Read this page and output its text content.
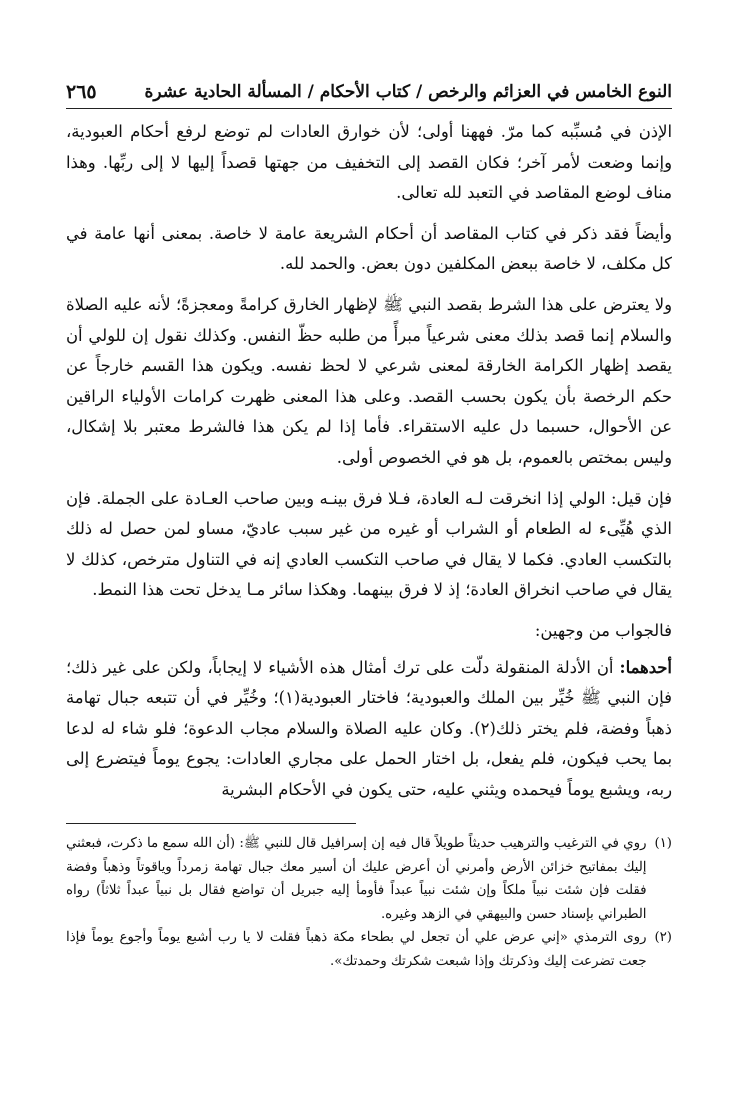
النوع الخامس في العزائم والرخص / كتاب الأحكام / المسألة الحادية عشرة
٢٦٥

الإذن في مُسبِّبه كما مرّ. فههنا أولى؛ لأن خوارق العادات لم توضع لرفع أحكام العبودية، وإنما وضعت لأمر آخر؛ فكان القصد إلى التخفيف من جهتها قصداً إليها لا إلى ربِّها. وهذا مناف لوضع المقاصد في التعبد لله تعالى.

وأيضاً فقد ذكر في كتاب المقاصد أن أحكام الشريعة عامة لا خاصة. بمعنى أنها عامة في كل مكلف، لا خاصة ببعض المكلفين دون بعض. والحمد لله.

ولا يعترض على هذا الشرط بقصد النبي ﷺ لإظهار الخارق كرامةً ومعجزةً؛ لأنه عليه الصلاة والسلام إنما قصد بذلك معنى شرعياً مبرأً من طلبه حظّ النفس. وكذلك نقول إن للولي أن يقصد إظهار الكرامة الخارقة لمعنى شرعي لا لحظ نفسه. ويكون هذا القسم خارجاً عن حكم الرخصة بأن يكون بحسب القصد. وعلى هذا المعنى ظهرت كرامات الأولياء الراقين عن الأحوال، حسبما دل عليه الاستقراء. فأما إذا لم يكن هذا فالشرط معتبر بلا إشكال، وليس بمختص بالعموم، بل هو في الخصوص أولى.

فإن قيل: الولي إذا انخرقت لـه العادة، فـلا فرق بينـه وبين صاحب العـادة على الجملة. فإن الذي هُيِّىء له الطعام أو الشراب أو غيره من غير سبب عاديّ، مساو لمن حصل له ذلك بالتكسب العادي. فكما لا يقال في صاحب التكسب العادي إنه في التناول مترخص، كذلك لا يقال في صاحب انخراق العادة؛ إذ لا فرق بينهما. وهكذا سائر مـا يدخل تحت هذا النمط.

فالجواب من وجهين:

أحدهما: أن الأدلة المنقولة دلّت على ترك أمثال هذه الأشياء لا إيجاباً، ولكن على غير ذلك؛ فإن النبي ﷺ خُيِّر بين الملك والعبودية؛ فاختار العبودية(١)؛ وخُيِّر في أن تتبعه جبال تهامة ذهباً وفضة، فلم يختر ذلك(٢). وكان عليه الصلاة والسلام مجاب الدعوة؛ فلو شاء له لدعا بما يحب فيكون، فلم يفعل، بل اختار الحمل على مجاري العادات: يجوع يوماً فيتضرع إلى ربه، ويشبع يوماً فيحمده ويثني عليه، حتى يكون في الأحكام البشرية

(١)
روي في الترغيب والترهيب حديثاً طويلاً قال فيه إن إسرافيل قال للنبي ﷺ: (أن الله سمع ما ذكرت، فبعثني إليك بمفاتيح خزائن الأرض وأمرني أن أعرض عليك أن أسير معك جبال تهامة زمرداً وياقوتاً وذهباً وفضة فقلت فإن شئت نبياً ملكاً وإن شئت نبياً عبداً فأومأ إليه جبريل أن تواضع فقال بل نبياً عبداً ثلاثاً) رواه الطبراني بإسناد حسن والبيهقي في الزهد وغيره.
(٢)
روى الترمذي «إني عرض علي أن تجعل لي بطحاء مكة ذهباً فقلت لا يا رب أشبع يوماً وأجوع يوماً فإذا جعت تضرعت إليك وذكرتك وإذا شبعت شكرتك وحمدتك».
